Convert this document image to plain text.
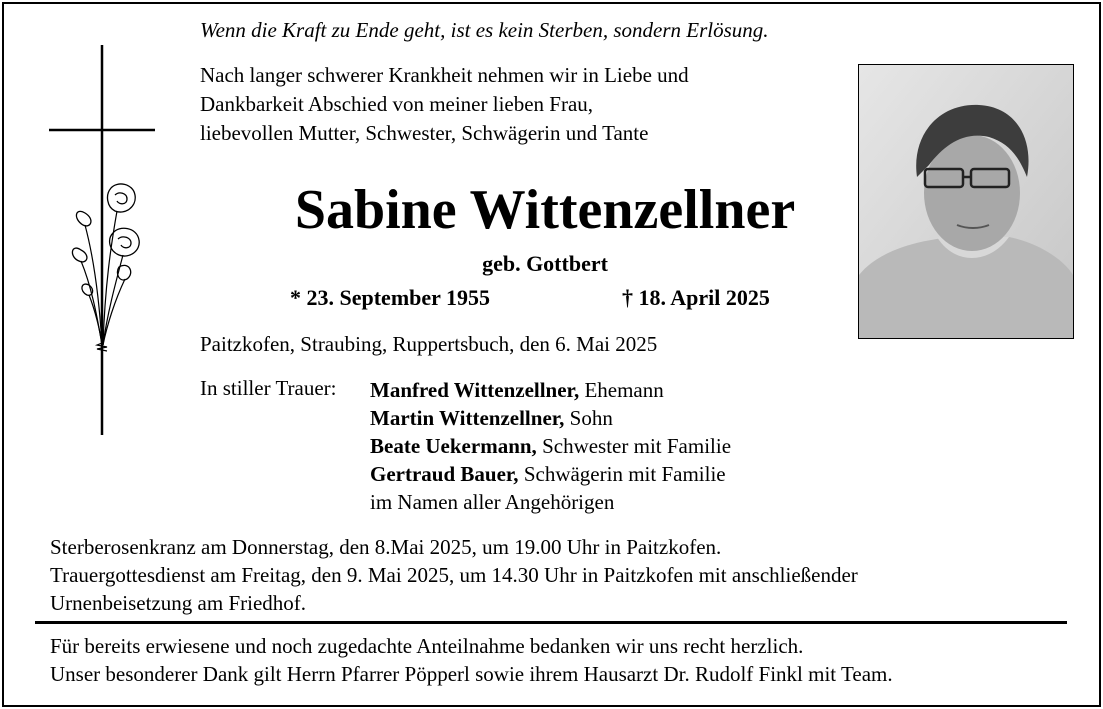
Wenn die Kraft zu Ende geht, ist es kein Sterben, sondern Erlösung.
Nach langer schwerer Krankheit nehmen wir in Liebe und
Dankbarkeit Abschied von meiner lieben Frau,
liebevollen Mutter, Schwester, Schwägerin und Tante
Sabine Wittenzellner
geb. Gottbert
* 23. September 1955	† 18. April 2025
Paitzkofen, Straubing, Ruppertsbuch, den 6. Mai 2025
In stiller Trauer: Manfred Wittenzellner, Ehemann
Martin Wittenzellner, Sohn
Beate Uekermann, Schwester mit Familie
Gertraud Bauer, Schwägerin mit Familie
im Namen aller Angehörigen
Sterberosenkranz am Donnerstag, den 8.Mai 2025, um 19.00 Uhr in Paitzkofen.
Trauergottesdienst am Freitag, den 9. Mai 2025, um 14.30 Uhr in Paitzkofen mit anschließender
Urnenbeisetzung am Friedhof.
Für bereits erwiesene und noch zugedachte Anteilnahme bedanken wir uns recht herzlich.
Unser besonderer Dank gilt Herrn Pfarrer Pöpperl sowie ihrem Hausarzt Dr. Rudolf Finkl mit Team.
